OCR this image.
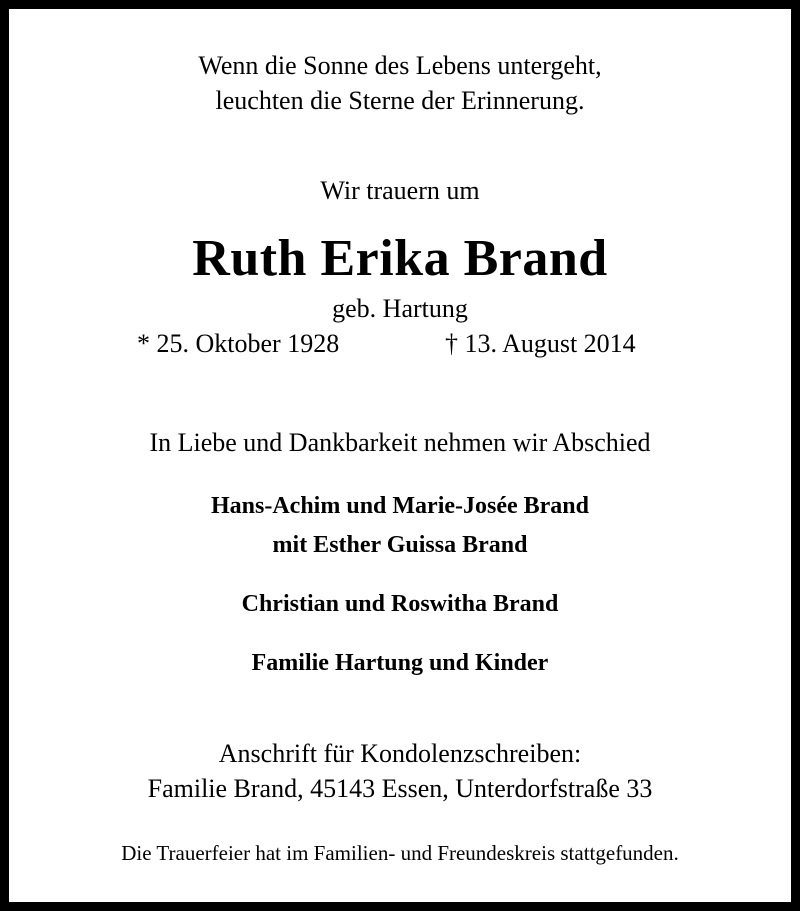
Wenn die Sonne des Lebens untergeht,
leuchten die Sterne der Erinnerung.
Wir trauern um
Ruth Erika Brand
geb. Hartung
* 25. Oktober 1928	† 13. August 2014
In Liebe und Dankbarkeit nehmen wir Abschied
Hans-Achim und Marie-Josée Brand
mit Esther Guissa Brand
Christian und Roswitha Brand
Familie Hartung und Kinder
Anschrift für Kondolenzschreiben:
Familie Brand, 45143 Essen, Unterdorfstraße 33
Die Trauerfeier hat im Familien- und Freundeskreis stattgefunden.
